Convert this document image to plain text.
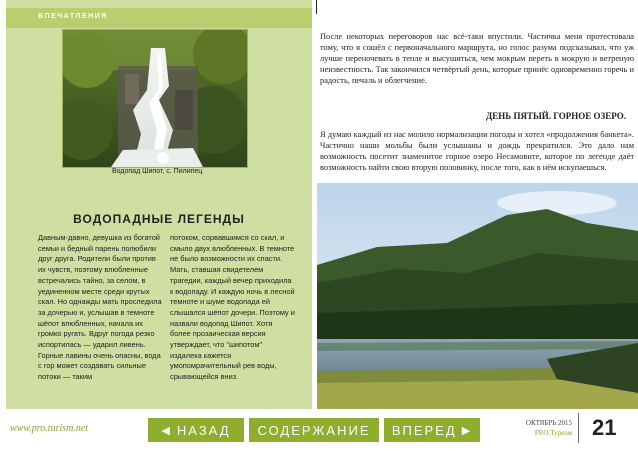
ВПЕЧАТЛЕНИЯ
Водопад Шипот, с. Пилипец
ВОДОПАДНЫЕ ЛЕГЕНДЫ
Давным-давно, девушка из богатой семьи и бедный парень полюбили друг друга. Родители были против их чувств, поэтому влюбленные встречались тайно, за селом, в уединенном месте среди крутых скал. Но однажды мать проследила за дочерью и, услышав в темноте шёпот влюбленных, начала их громко ругать. Вдруг погода резко испортилась — ударил ливень. Горные лавины очень опасны, вода с гор может создавать сильные потоки — таким
потоком, сорвавшимся со скал, и смыло двух влюбленных. В темноте не было возможности их спасти. Мать, ставшая свидетелем трагедии, каждый вечер приходила к водопаду. И каждую ночь в лесной темноте и шуме водопада ей слышался шёпот дочери. Поэтому и назвали водопад Шипот. Хотя более прозаическая версия утверждает, что "шипотом" издалека кажется умопомрачительный рев воды, срывающейся вниз.
После некоторых переговоров нас всё-таки впустили. Частичка меня протестовала тому, что я сошёл с первоначального маршрута, но голос разума подсказывал, что уж лучше переночевать в тепле и высушиться, чем мокрым переть в мокрую и ветреную неизвестность. Так закончился четвёртый день, которые принёс одновременно горечь и радость, печаль и облегчение.
ДЕНЬ ПЯТЫЙ. ГОРНОЕ ОЗЕРО.
Я думаю каждый из нас молило нормализации погоды и хотел «продолжения банкета». Частично наши мольбы были услышаны и дождь прекратился. Это дало нам возможность посетит знаменитое горное озеро Несамовите, которое по легенде даёт возможность найти свою вторую половинку, после того, как в нём искупаешься.
www.pro.turism.net	◀ НАЗАД СОДЕРЖАНИЕ ВПЕРЕД ▶
ОКТЯБРЬ 2015
PRO.Туризм 21
